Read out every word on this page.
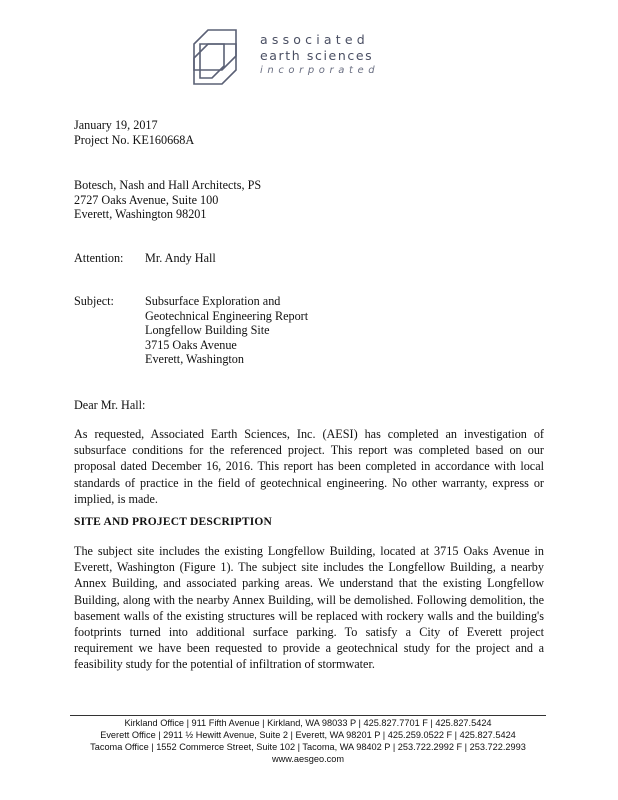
associated
earth sciences
incorporated
January 19, 2017
Project No. KE160668A
Botesch, Nash and Hall Architects, PS
2727 Oaks Avenue, Suite 100
Everett, Washington 98201
Attention: Mr. Andy Hall
Subject:	Subsurface Exploration and
Geotechnical Engineering Report
Longfellow Building Site
3715 Oaks Avenue
Everett, Washington
Dear Mr. Hall:
As requested, Associated Earth Sciences, Inc. (AESI) has completed an investigation of subsurface conditions for the referenced project. This report was completed based on our proposal dated December 16, 2016. This report has been completed in accordance with local standards of practice in the field of geotechnical engineering. No other warranty, express or implied, is made.
SITE AND PROJECT DESCRIPTION
The subject site includes the existing Longfellow Building, located at 3715 Oaks Avenue in Everett, Washington (Figure 1). The subject site includes the Longfellow Building, a nearby Annex Building, and associated parking areas. We understand that the existing Longfellow Building, along with the nearby Annex Building, will be demolished. Following demolition, the basement walls of the existing structures will be replaced with rockery walls and the building's footprints turned into additional surface parking. To satisfy a City of Everett project requirement we have been requested to provide a geotechnical study for the project and a feasibility study for the potential of infiltration of stormwater.
Kirkland Office | 911 Fifth Avenue | Kirkland, WA 98033 P | 425.827.7701 F | 425.827.5424
Everett Office | 2911 ½ Hewitt Avenue, Suite 2 | Everett, WA 98201 P | 425.259.0522 F | 425.827.5424
Tacoma Office | 1552 Commerce Street, Suite 102 | Tacoma, WA 98402 P | 253.722.2992 F | 253.722.2993
www.aesgeo.com
